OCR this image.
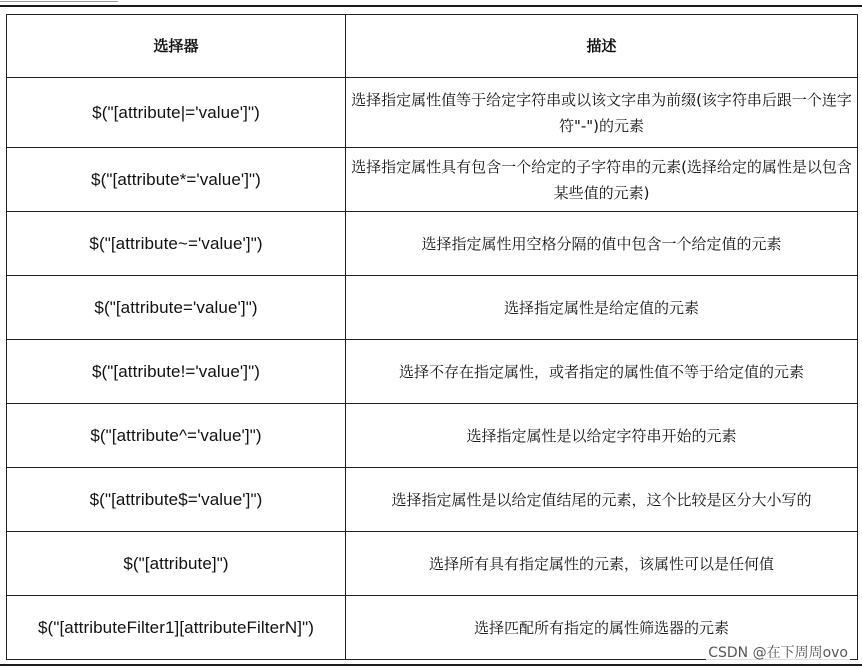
选择器	描述
$("[attribute|='value']")	选择指定属性值等于给定字符串或以该文字串为前缀(该字符串后跟一个连字符"-")的元素
$("[attribute*='value']")	选择指定属性具有包含一个给定的子字符串的元素(选择给定的属性是以包含某些值的元素)
$("[attribute~='value']")	选择指定属性用空格分隔的值中包含一个给定值的元素
$("[attribute='value']")	选择指定属性是给定值的元素
$("[attribute!='value']")	选择不存在指定属性，或者指定的属性值不等于给定值的元素
$("[attribute^='value']")	选择指定属性是以给定字符串开始的元素
$("[attribute$='value']")	选择指定属性是以给定值结尾的元素，这个比较是区分大小写的
$("[attribute]")	选择所有具有指定属性的元素，该属性可以是任何值
$("[attributeFilter1][attributeFilterN]")	选择匹配所有指定的属性筛选器的元素
CSDN @在下周周ovo
